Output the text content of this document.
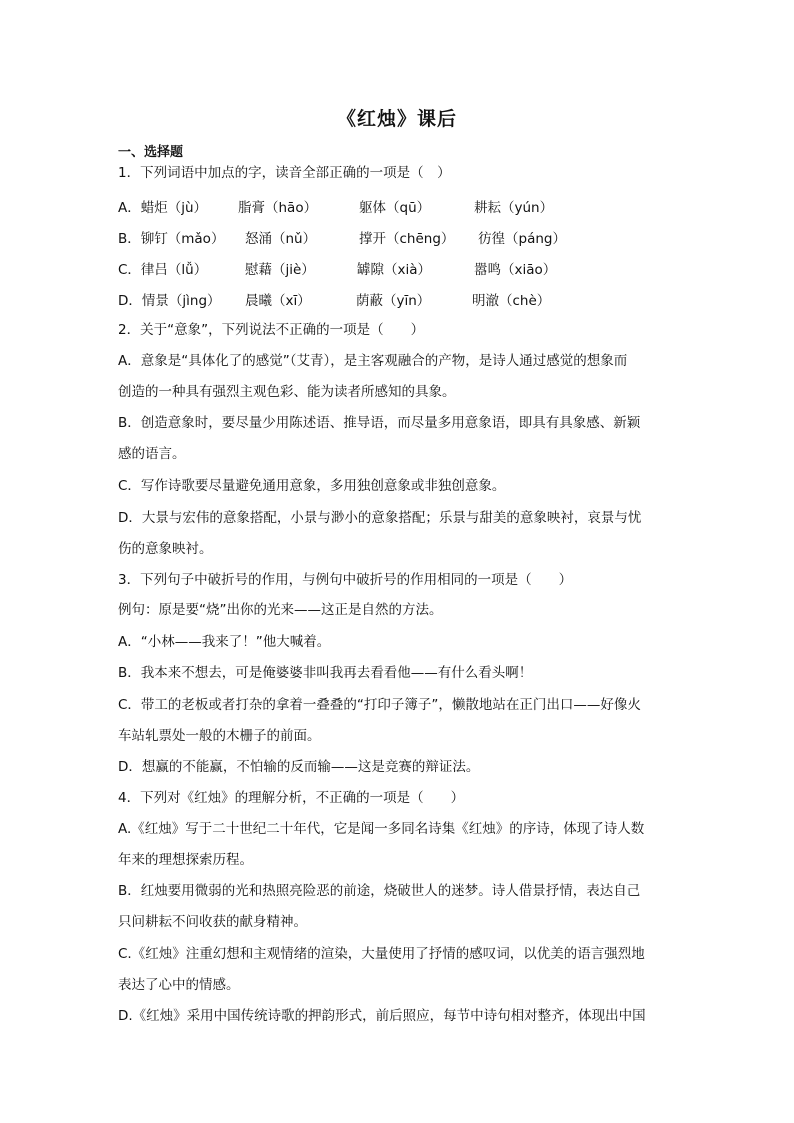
《红烛》课后
一、选择题
1．下列词语中加点的字，读音全部正确的一项是（　）
A．蜡炬（jù） 脂膏（hāo）	躯体（qū）	耕耘（yún）
B．铆钉（mǎo） 怒涌（nǔ）	撑开（chēng） 彷徨（páng）
C．律吕（lǚ）	慰藉（jiè）	罅隙（xià）	嚣鸣（xiāo）
D．情景（jìng） 晨曦（xī）	荫蔽（yīn）	明澈（chè）
2．关于“意象”，下列说法不正确的一项是（　　）
A．意象是“具体化了的感觉”（艾青），是主客观融合的产物，是诗人通过感觉的想象而
创造的一种具有强烈主观色彩、能为读者所感知的具象。
B．创造意象时，要尽量少用陈述语、推导语，而尽量多用意象语，即具有具象感、新颖
感的语言。
C．写作诗歌要尽量避免通用意象，多用独创意象或非独创意象。
D．大景与宏伟的意象搭配，小景与渺小的意象搭配；乐景与甜美的意象映衬，哀景与忧
伤的意象映衬。
3．下列句子中破折号的作用，与例句中破折号的作用相同的一项是（　　）
例句：原是要“烧”出你的光来——这正是自然的方法。
A．“小林——我来了！”他大喊着。
B．我本来不想去，可是俺婆婆非叫我再去看看他——有什么看头啊！
C．带工的老板或者打杂的拿着一叠叠的“打印子簿子”，懒散地站在正门出口——好像火
车站轧票处一般的木栅子的前面。
D．想赢的不能赢，不怕输的反而输——这是竞赛的辩证法。
4．下列对《红烛》的理解分析，不正确的一项是（　　）
A.《红烛》写于二十世纪二十年代，它是闻一多同名诗集《红烛》的序诗，体现了诗人数
年来的理想探索历程。
B．红烛要用微弱的光和热照亮险恶的前途，烧破世人的迷梦。诗人借景抒情，表达自己
只问耕耘不问收获的献身精神。
C.《红烛》注重幻想和主观情绪的渲染，大量使用了抒情的感叹词，以优美的语言强烈地
表达了心中的情感。
D.《红烛》采用中国传统诗歌的押韵形式，前后照应，每节中诗句相对整齐，体现出中国
